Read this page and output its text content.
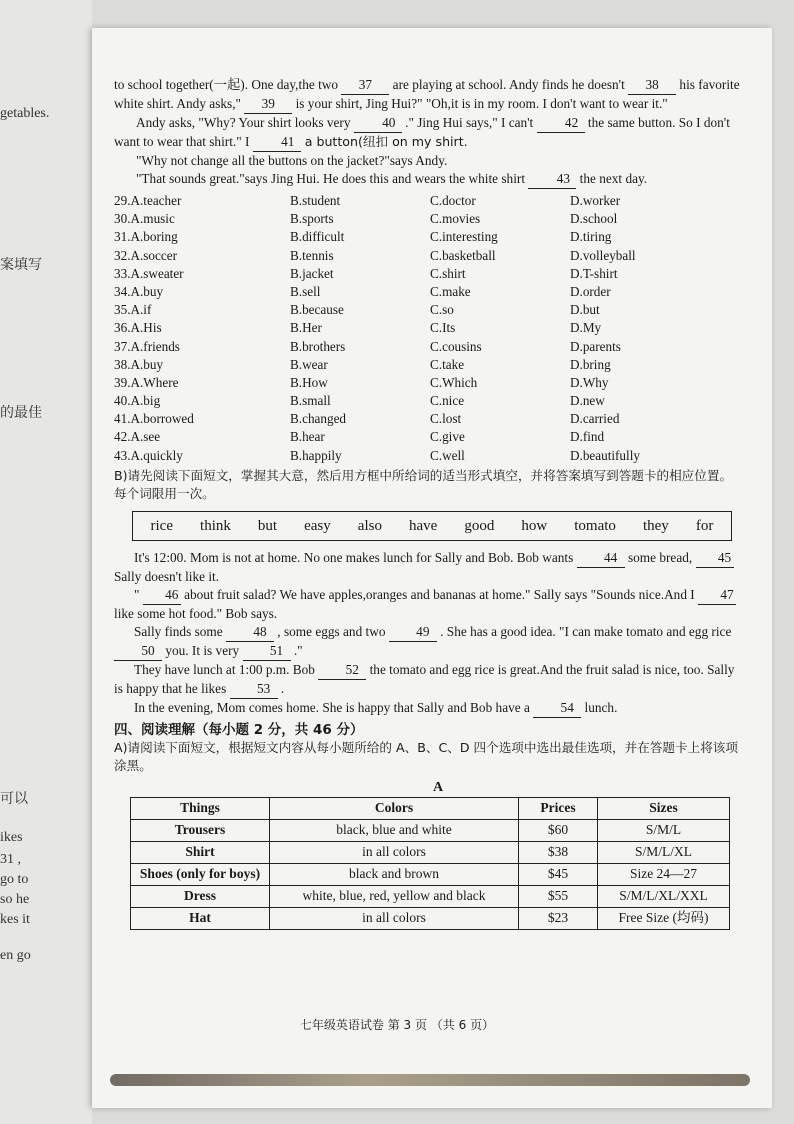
getables.
案填写
的最佳
可以
ikes
31 ,
go to
so he
kes it
en go

to school together(一起). One day,the two 37 are playing at school. Andy finds he doesn't 38 his favorite white shirt. Andy asks," 39 is your shirt, Jing Hui?" "Oh,it is in my room. I don't want to wear it."

Andy asks, "Why? Your shirt looks very 40 ." Jing Hui says," I can't 42 the same button. So I don't want to wear that shirt." I 41 a button(纽扣 on my shirt.

"Why not change all the buttons on the jacket?"says Andy.

"That sounds great."says Jing Hui. He does this and wears the white shirt 43 the next day.

29.A.teacher	B.student	C.doctor	D.worker
30.A.music	B.sports	C.movies	D.school
31.A.boring	B.difficult	C.interesting	D.tiring
32.A.soccer	B.tennis	C.basketball	D.volleyball
33.A.sweater	B.jacket	C.shirt	D.T-shirt
34.A.buy	B.sell	C.make	D.order
35.A.if	B.because	C.so	D.but
36.A.His	B.Her	C.Its	D.My
37.A.friends	B.brothers	C.cousins	D.parents
38.A.buy	B.wear	C.take	D.bring
39.A.Where	B.How	C.Which	D.Why
40.A.big	B.small	C.nice	D.new
41.A.borrowed	B.changed	C.lost	D.carried
42.A.see	B.hear	C.give	D.find
43.A.quickly	B.happily	C.well	D.beautifully

B)请先阅读下面短文，掌握其大意，然后用方框中所给词的适当形式填空，并将答案填写到答题卡的相应位置。每个词限用一次。

rice think but easy also have good how tomato they for

It's 12:00. Mom is not at home. No one makes lunch for Sally and Bob. Bob wants 44 some bread, 45 Sally doesn't like it.

" 46 about fruit salad? We have apples,oranges and bananas at home." Sally says "Sounds nice.And I 47 like some hot food." Bob says.

Sally finds some 48 , some eggs and two 49 . She has a good idea. "I can make tomato and egg rice 50 you. It is very 51 ."

They have lunch at 1:00 p.m. Bob 52 the tomato and egg rice is great.And the fruit salad is nice, too. Sally is happy that he likes 53 .

In the evening, Mom comes home. She is happy that Sally and Bob have a 54 lunch.

四、阅读理解（每小题 2 分，共 46 分）

A)请阅读下面短文，根据短文内容从每小题所给的 A、B、C、D 四个选项中选出最佳选项，并在答题卡上将该项涂黑。

A
Things	Colors	Prices	Sizes
Trousers	black, blue and white	$60	S/M/L
Shirt	in all colors	$38	S/M/L/XL
Shoes (only for boys)	black and brown	$45	Size 24—27
Dress	white, blue, red, yellow and black	$55	S/M/L/XL/XXL
Hat	in all colors	$23	Free Size (均码)
七年级英语试卷 第 3 页 （共 6 页）
